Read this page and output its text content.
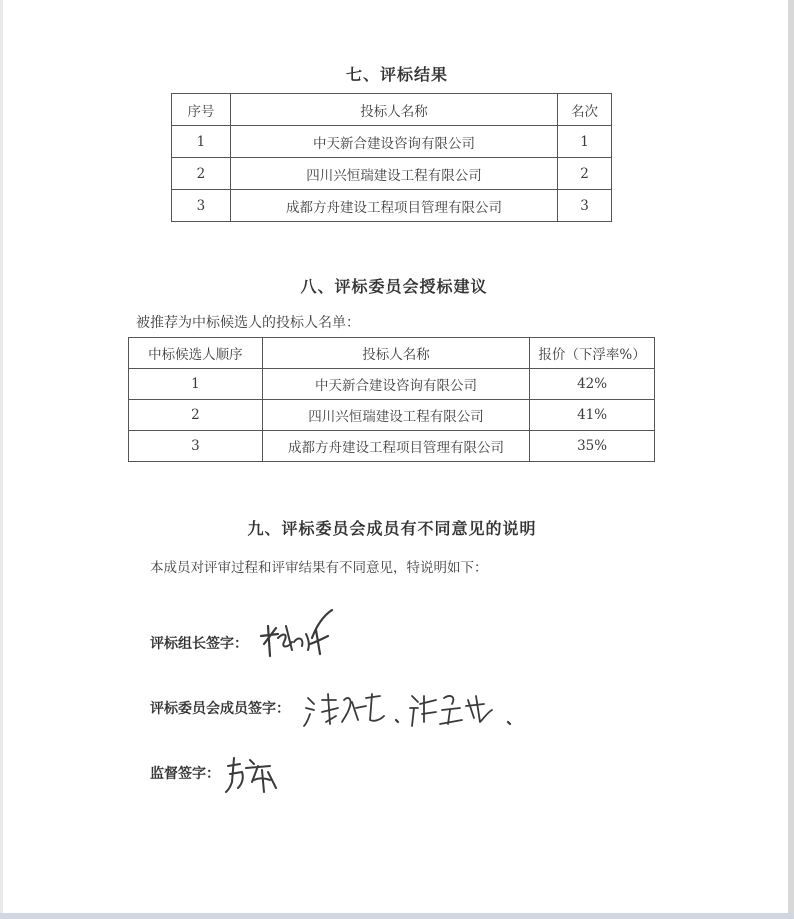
七、评标结果
序号	投标人名称	名次
1	中天新合建设咨询有限公司	1
2	四川兴恒瑞建设工程有限公司	2
3	成都方舟建设工程项目管理有限公司	3
八、评标委员会授标建议
被推荐为中标候选人的投标人名单：
中标候选人顺序	投标人名称	报价（下浮率%）
1	中天新合建设咨询有限公司	42%
2	四川兴恒瑞建设工程有限公司	41%
3	成都方舟建设工程项目管理有限公司	35%
九、评标委员会成员有不同意见的说明
本成员对评审过程和评审结果有不同意见，特说明如下：
评标组长签字：
评标委员会成员签字：
监督签字：
